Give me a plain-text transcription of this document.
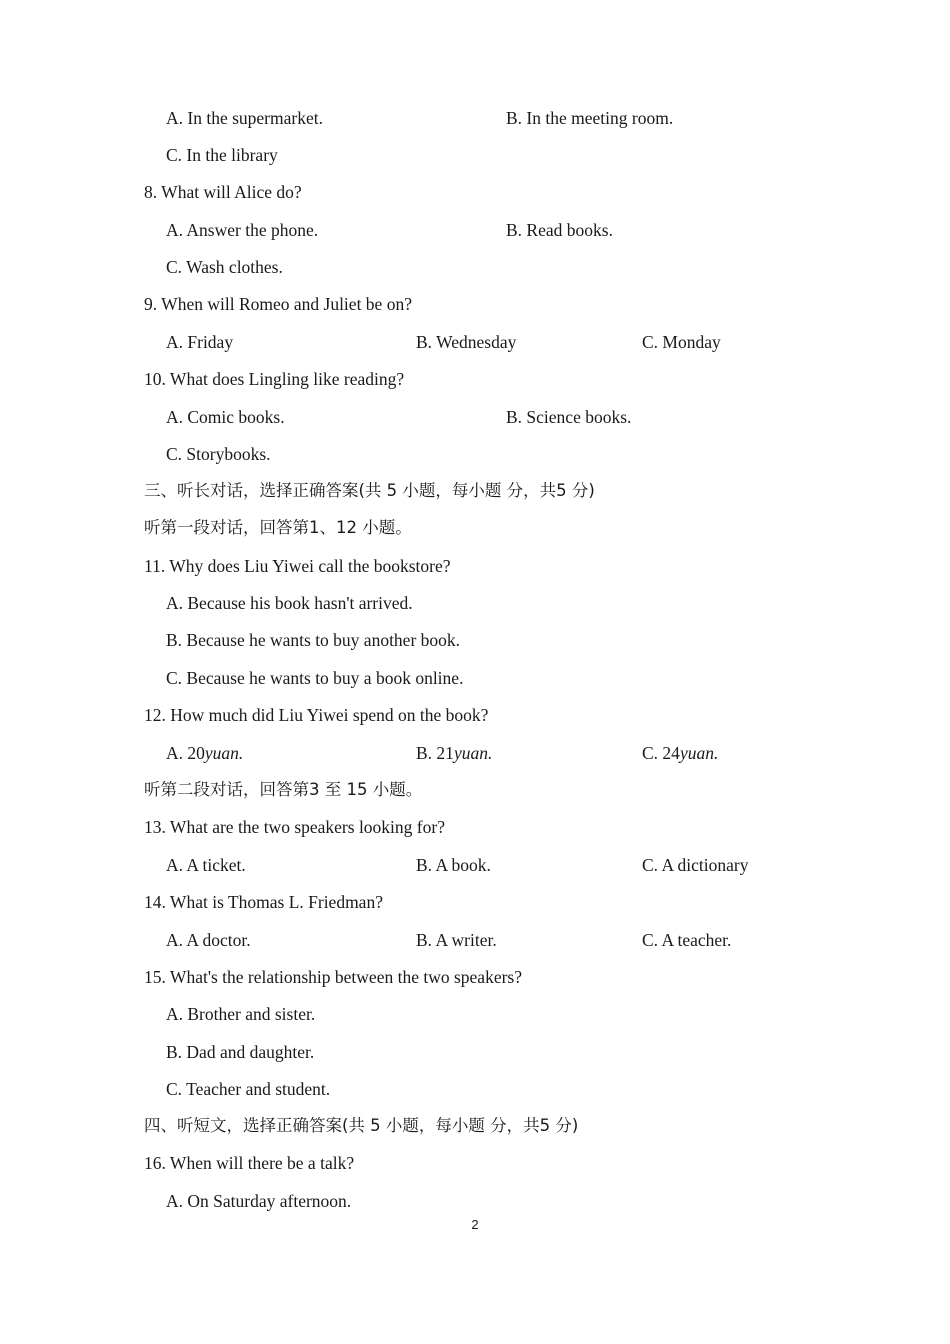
A. In the supermarket.	B. In the meeting room.
C. In the library
8. What will Alice do?
A. Answer the phone.	B. Read books.
C. Wash clothes.
9. When will Romeo and Juliet be on?
A. Friday	B. Wednesday	C. Monday
10. What does Lingling like reading?
A. Comic books.	B. Science books.
C. Storybooks.
三、听长对话，选择正确答案(共 5 小题，每小题 分，共5 分)
听第一段对话，回答第1、12 小题。
11. Why does Liu Yiwei call the bookstore?
A. Because his book hasn't arrived.
B. Because he wants to buy another book.
C. Because he wants to buy a book online.
12. How much did Liu Yiwei spend on the book?
A. 20yuan.	B. 21yuan.	C. 24yuan.
听第二段对话，回答第3 至 15 小题。
13. What are the two speakers looking for?
A. A ticket.	B. A book.	C. A dictionary
14. What is Thomas L. Friedman?
A. A doctor.	B. A writer.	C. A teacher.
15. What's the relationship between the two speakers?
A. Brother and sister.
B. Dad and daughter.
C. Teacher and student.
四、听短文，选择正确答案(共 5 小题，每小题 分，共5 分)
16. When will there be a talk?
A. On Saturday afternoon.
2
